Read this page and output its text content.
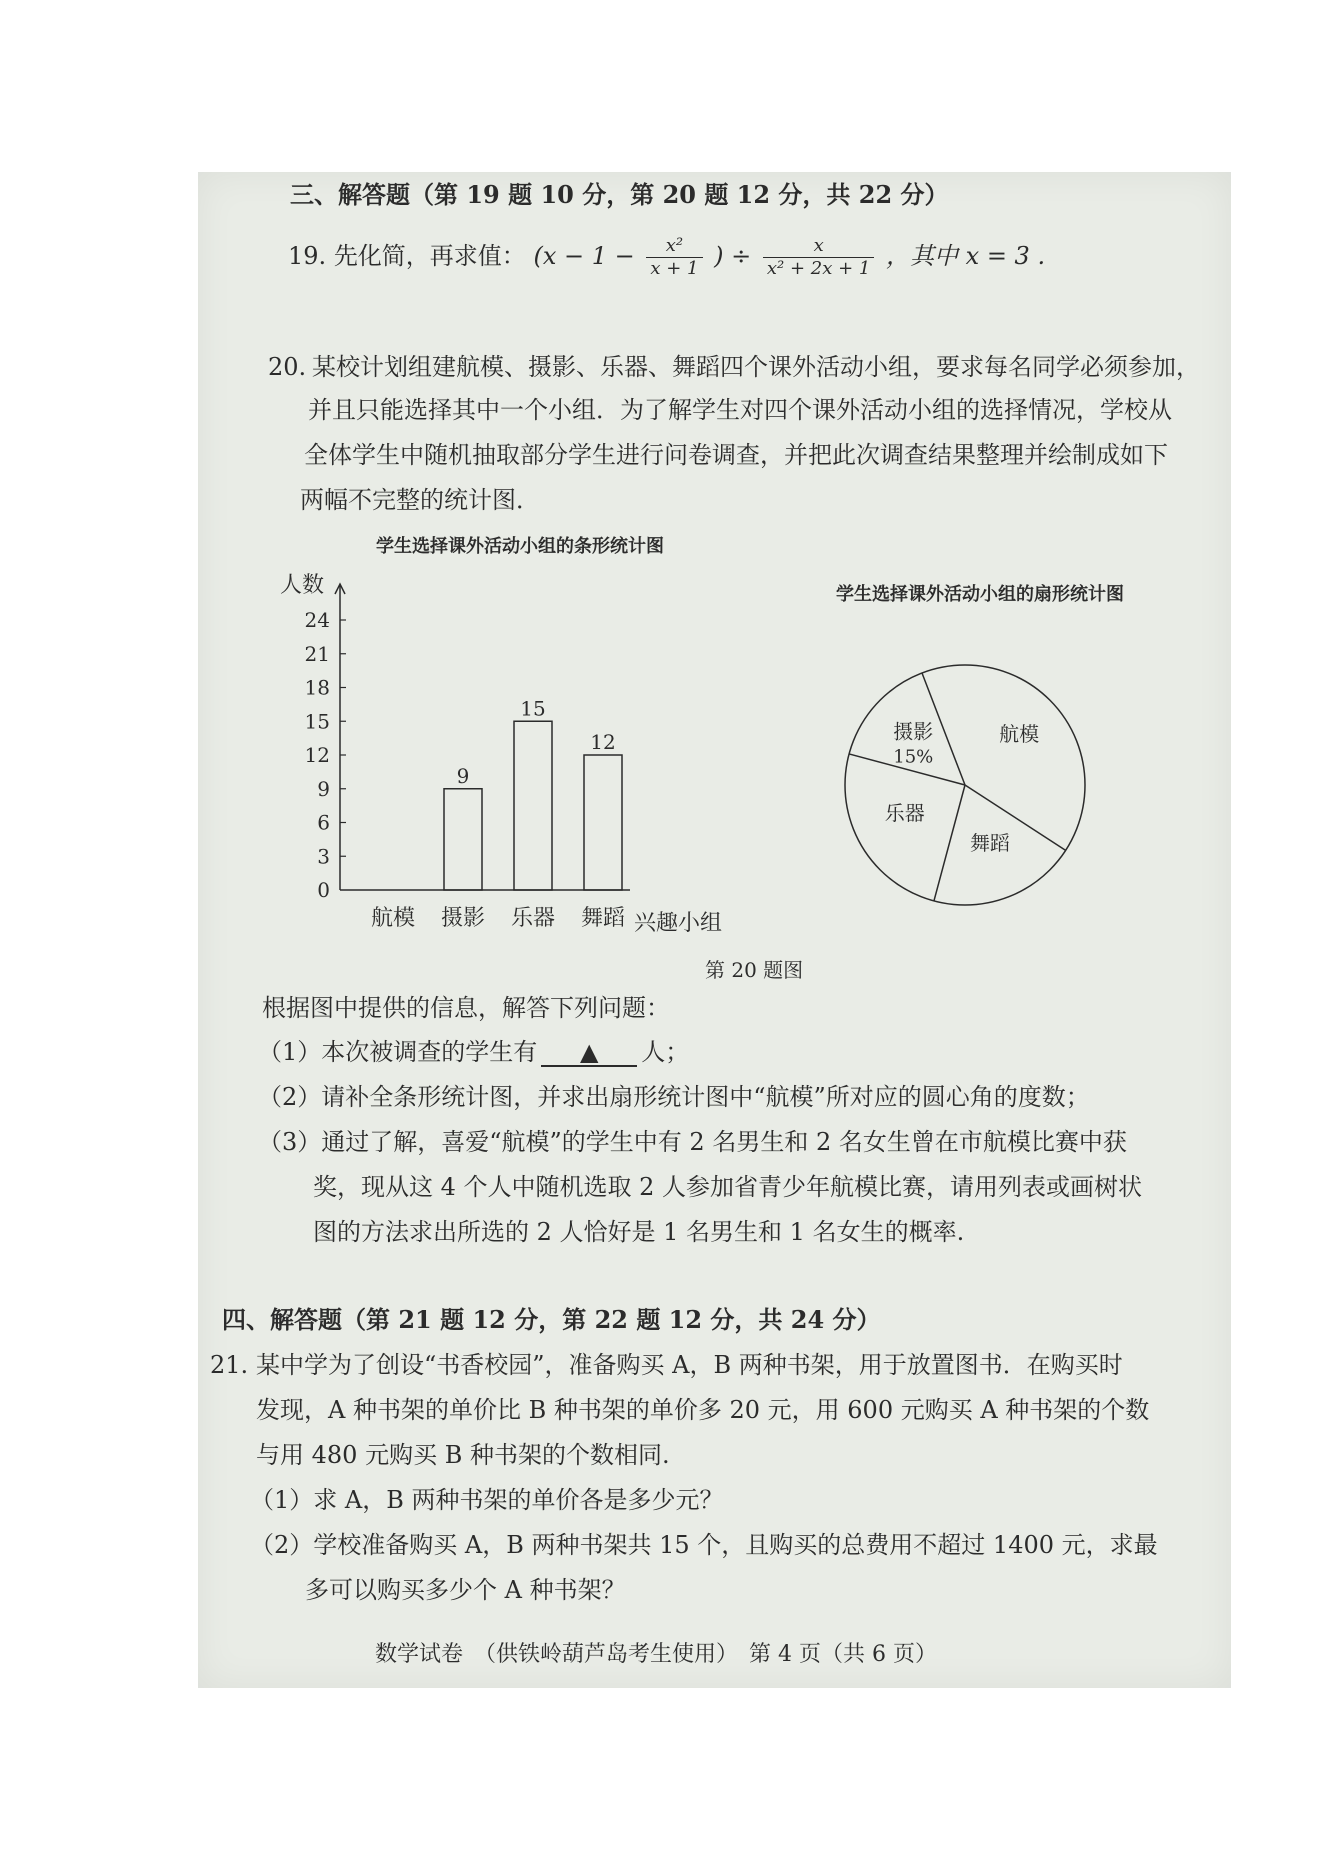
三、解答题（第 19 题 10 分，第 20 题 12 分，共 22 分）
19. 先化简，再求值： ($x - 1 - \frac{\text{x²}}{x + 1}$ ) ÷ $\frac{x}{\text{x² + 2x + 1}}$ ，其中 x = 3 .
20. 某校计划组建航模、摄影、乐器、舞蹈四个课外活动小组，要求每名同学必须参加，
并且只能选择其中一个小组．为了解学生对四个课外活动小组的选择情况，学校从
全体学生中随机抽取部分学生进行问卷调查，并把此次调查结果整理并绘制成如下
两幅不完整的统计图．
学生选择课外活动小组的条形统计图
人数
0
3
6
9
12
15
18
21
24
航模 摄影
9
乐器
15
舞蹈
12
兴趣小组
学生选择课外活动小组的扇形统计图
摄影
15%
航模
舞蹈
乐器
第 20 题图
根据图中提供的信息，解答下列问题：
（1）本次被调查的学生有 ▲ 人；
（2）请补全条形统计图，并求出扇形统计图中“航模”所对应的圆心角的度数；
（3）通过了解，喜爱“航模”的学生中有 2 名男生和 2 名女生曾在市航模比赛中获
奖，现从这 4 个人中随机选取 2 人参加省青少年航模比赛，请用列表或画树状
图的方法求出所选的 2 人恰好是 1 名男生和 1 名女生的概率.
四、解答题（第 21 题 12 分，第 22 题 12 分，共 24 分）
21. 某中学为了创设“书香校园”，准备购买 A，B 两种书架，用于放置图书．在购买时
发现，A 种书架的单价比 B 种书架的单价多 20 元，用 600 元购买 A 种书架的个数
与用 480 元购买 B 种书架的个数相同.
（1）求 A，B 两种书架的单价各是多少元？
（2）学校准备购买 A，B 两种书架共 15 个，且购买的总费用不超过 1400 元，求最
多可以购买多少个 A 种书架？
数学试卷　（供铁岭葫芦岛考生使用）　第 4 页（共 6 页）
